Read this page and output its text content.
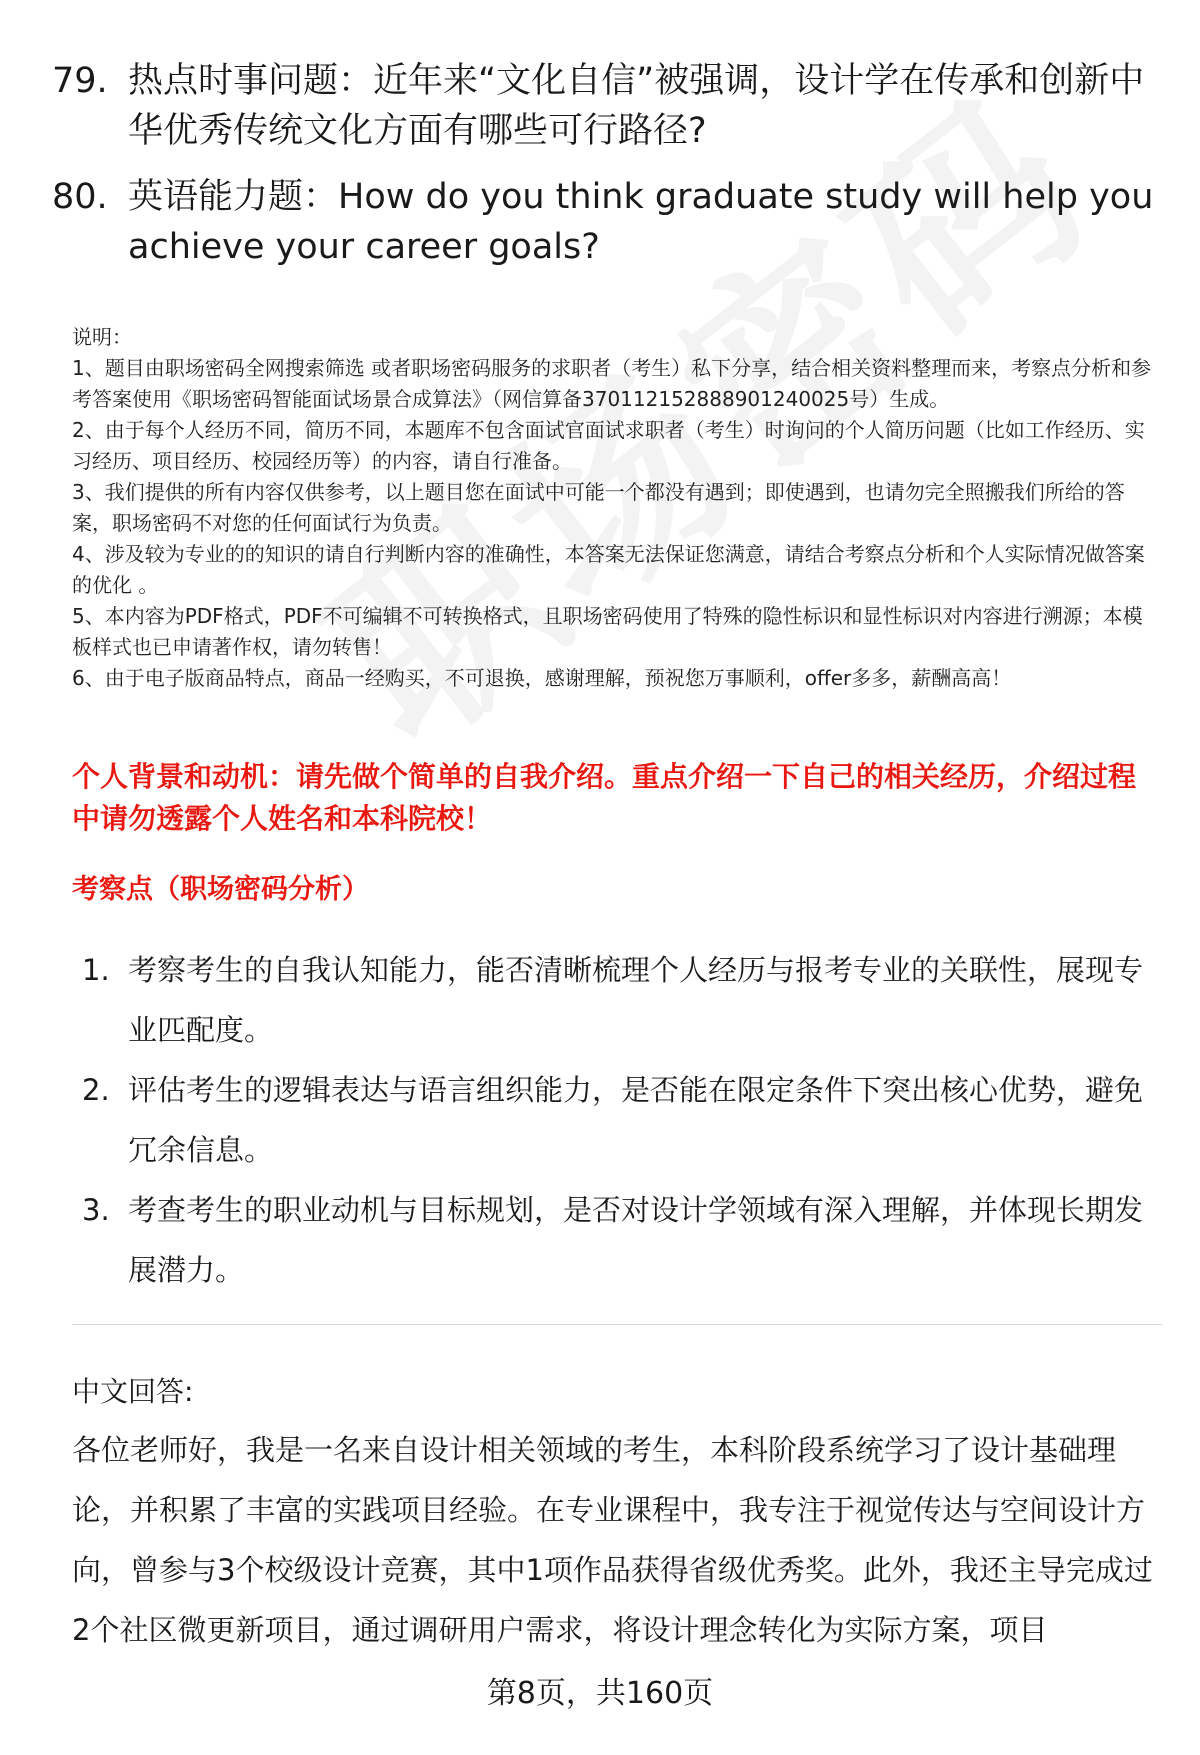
79. 热点时事问题：近年来“文化自信”被强调，设计学在传承和创新中华优秀传统文化方面有哪些可行路径?
80. 英语能力题：How do you think graduate study will help you achieve your career goals?

说明：

1、题目由职场密码全网搜索筛选 或者职场密码服务的求职者（考生）私下分享，结合相关资料整理而来，考察点分析和参考答案使用《职场密码智能面试场景合成算法》（网信算备370112152888901240025号）生成。

2、由于每个人经历不同，简历不同，本题库不包含面试官面试求职者（考生）时询问的个人简历问题（比如工作经历、实习经历、项目经历、校园经历等）的内容，请自行准备。

3、我们提供的所有内容仅供参考，以上题目您在面试中可能一个都没有遇到；即使遇到，也请勿完全照搬我们所给的答案，职场密码不对您的任何面试行为负责。

4、涉及较为专业的的知识的请自行判断内容的准确性，本答案无法保证您满意，请结合考察点分析和个人实际情况做答案的优化 。

5、本内容为PDF格式，PDF不可编辑不可转换格式，且职场密码使用了特殊的隐性标识和显性标识对内容进行溯源；本模板样式也已申请著作权，请勿转售！

6、由于电子版商品特点，商品一经购买，不可退换，感谢理解，预祝您万事顺利，offer多多，薪酬高高！

个人背景和动机：请先做个简单的自我介绍。重点介绍一下自己的相关经历，介绍过程中请勿透露个人姓名和本科院校！
考察点（职场密码分析）
1. 考察考生的自我认知能力，能否清晰梳理个人经历与报考专业的关联性，展现专业匹配度。
2. 评估考生的逻辑表达与语言组织能力，是否能在限定条件下突出核心优势，避免冗余信息。
3. 考查考生的职业动机与目标规划，是否对设计学领域有深入理解，并体现长期发展潜力。
中文回答:

各位老师好，我是一名来自设计相关领域的考生，本科阶段系统学习了设计基础理论，并积累了丰富的实践项目经验。在专业课程中，我专注于视觉传达与空间设计方向，曾参与3个校级设计竞赛，其中1项作品获得省级优秀奖。此外，我还主导完成过2个社区微更新项目，通过调研用户需求，将设计理念转化为实际方案，项目

第8页，共160页
